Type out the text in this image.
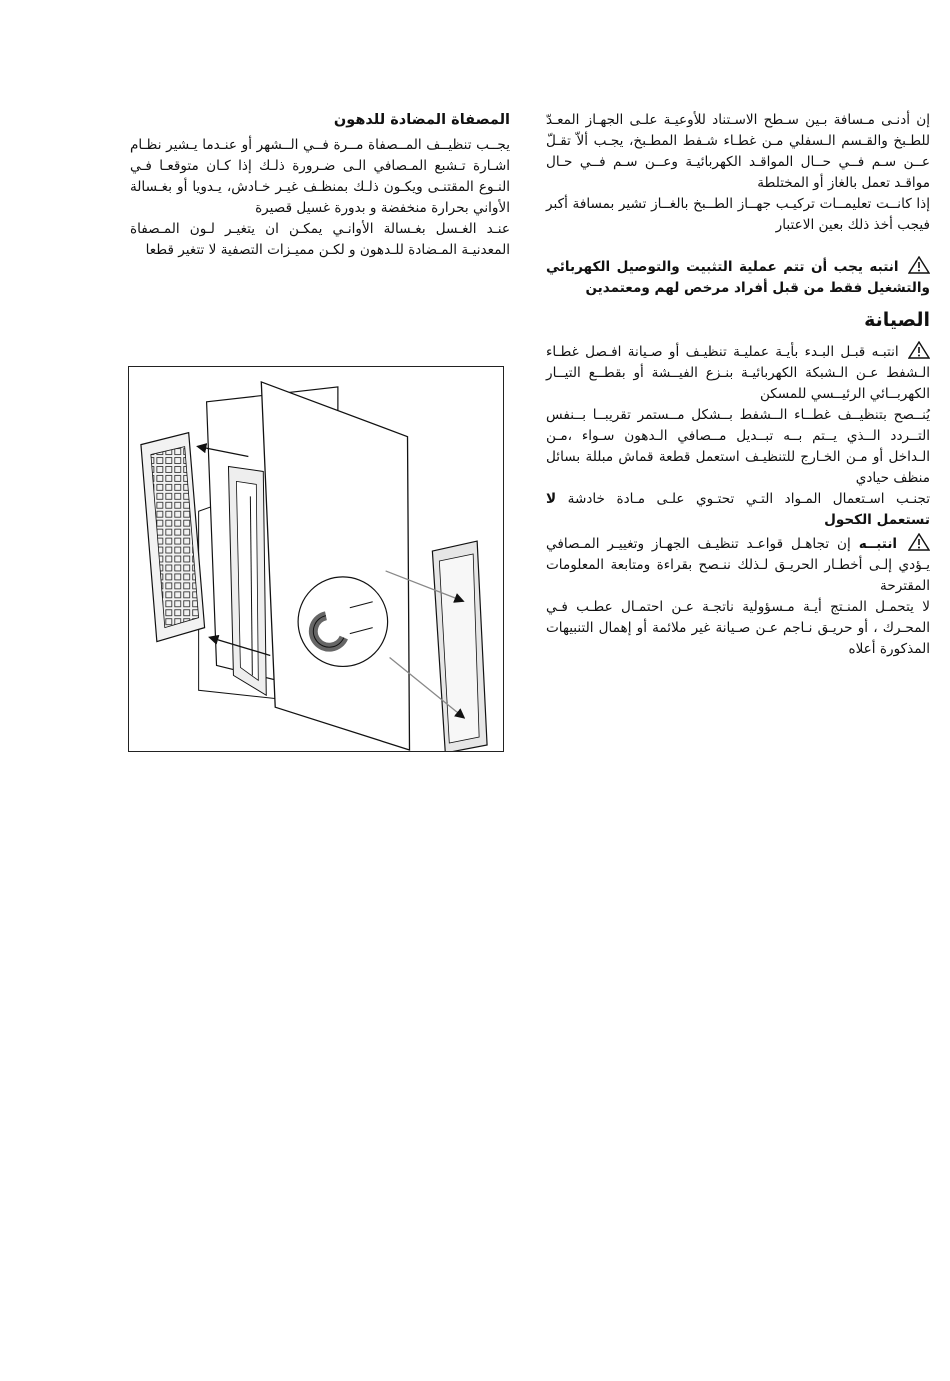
إن أدنـى مـسافة بـين سـطح الاسـتناد للأوعيـة علـى الجهـاز المعـدّ للطـبخ والقـسم الـسفلي مـن غطـاء شـفط المطـبخ، يجـب ألاّ تقـلّ عــن سـم فــي حــال المواقـد الكهربائيـة وعــن سـم فــي حـال مواقـد تعمل بالغاز أو المختلطة

إذا كانــت تعليمــات تركيـب جهــاز الطــبخ بالغــاز تشير بمسافة أكبر فيجب أخذ ذلك بعين الاعتبار

انتبه يجب أن تتم عملية التثبيت والتوصيل الكهربائي والتشغيل فقط من قبل أفراد مرخص لهم ومعتمدين

الصيانة

انتبـه قبـل البـدء بأيـة عمليـة تنظيـف أو صـيانة افـصل غطـاء الـشفط عـن الـشبكة الكهربائيـة بنـزع الفيــشة أو بقطــع التيــار الكهربــائي الرئيــسي للمسكن

يُنــصح بتنظيــف غطــاء الــشفط بــشكل مــستمر تقريبــا بــنفس التــردد الــذي يــتم بــه تبــديل مــصافي الـدهون سـواء ،مـن الـداخل أو مـن الخـارج للتنظيـف استعمل قطعة قماش مبللة بسائل منظف حيادي

تجنـب اسـتعمال المـواد التـي تحتـوي علـى مـادة خادشة لا تستعمل الكحول

انتبــه إن تجاهـل قواعـد تنظيـف الجهـاز وتغييـر المـصافي يـؤدي إلـى أخطـار الحريـق لـذلك ننـصح بقراءة ومتابعة المعلومات المقترحة

لا يتحمـل المنـتج أيـة مـسؤولية ناتجـة عـن احتمـال عطـب فـي المحـرك ، أو حريـق نـاجم عـن صـيانة غير ملائمة أو إهمال التنبيهات المذكورة أعلاه

المصفاة المضادة للدهون

يجــب تنظيــف المــصفاة مــرة فــي الــشهر أو عنـدما يـشير نظـام اشـارة تـشبع المـصافي الـى ضـرورة ذلـك إذا كـان متوقعـا فـي النـوع المقتنـى ويكـون ذلـك بمنظـف غيـر خـادش، يـدويا أو بغـسالة الأواني بحرارة منخفضة و بدورة غسيل قصيرة

عنـد الغـسل بغـسالة الأوانـي يمكـن ان يتغيـر لـون المـصفاة المعدنيـة المـضادة للـدهون و لكـن مميـزات التصفية لا تتغير قطعا
